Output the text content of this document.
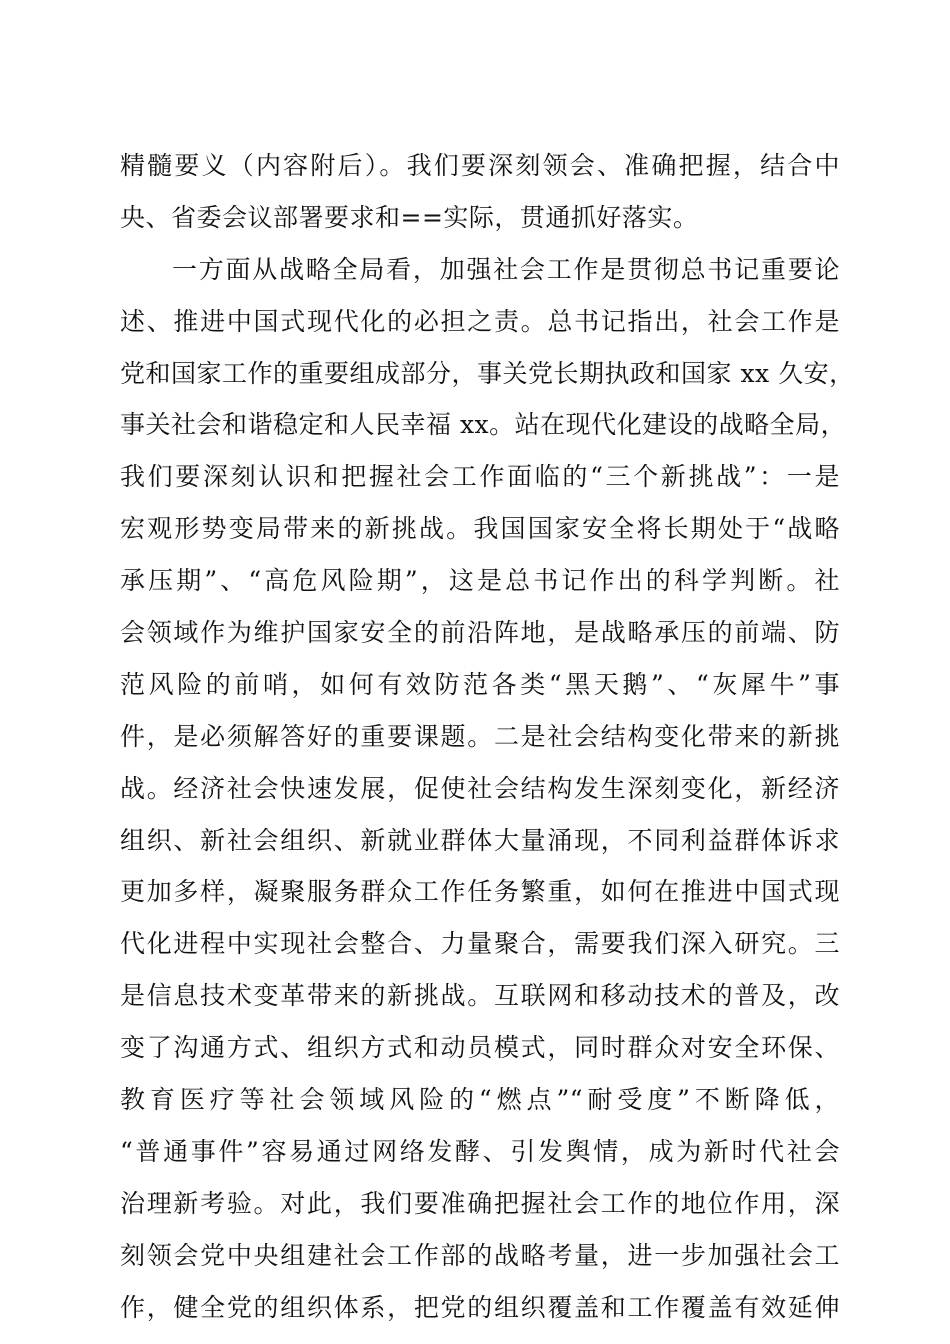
精髓要义（内容附后）。我们要深刻领会、准确把握，结合中
央、省委会议部署要求和==实际，贯通抓好落实。
一方面从战略全局看，加强社会工作是贯彻总书记重要论
述、推进中国式现代化的必担之责。总书记指出，社会工作是
党和国家工作的重要组成部分，事关党长期执政和国家 xx 久安，
事关社会和谐稳定和人民幸福 xx。站在现代化建设的战略全局，
我们要深刻认识和把握社会工作面临的“三个新挑战”：一是
宏观形势变局带来的新挑战。我国国家安全将长期处于“战略
承压期”、“高危风险期”，这是总书记作出的科学判断。社
会领域作为维护国家安全的前沿阵地，是战略承压的前端、防
范风险的前哨，如何有效防范各类“黑天鹅”、“灰犀牛”事
件，是必须解答好的重要课题。二是社会结构变化带来的新挑
战。经济社会快速发展，促使社会结构发生深刻变化，新经济
组织、新社会组织、新就业群体大量涌现，不同利益群体诉求
更加多样，凝聚服务群众工作任务繁重，如何在推进中国式现
代化进程中实现社会整合、力量聚合，需要我们深入研究。三
是信息技术变革带来的新挑战。互联网和移动技术的普及，改
变了沟通方式、组织方式和动员模式，同时群众对安全环保、
教育医疗等社会领域风险的“燃点”“耐受度”不断降低，
“普通事件”容易通过网络发酵、引发舆情，成为新时代社会
治理新考验。对此，我们要准确把握社会工作的地位作用，深
刻领会党中央组建社会工作部的战略考量，进一步加强社会工
作，健全党的组织体系，把党的组织覆盖和工作覆盖有效延伸
